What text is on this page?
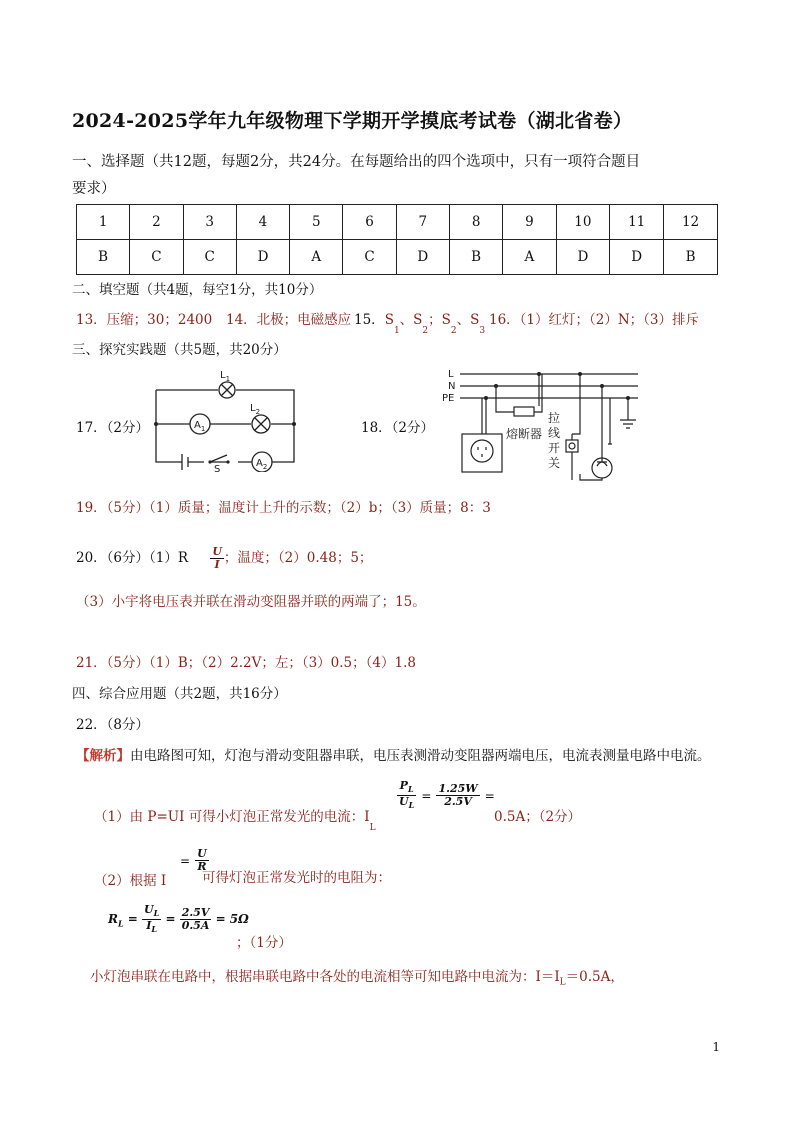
2024-2025学年九年级物理下学期开学摸底考试卷（湖北省卷）
一、选择题（共12题，每题2分，共24分。在每题给出的四个选项中，只有一项符合题目
要求）
1	2	3	4	5	6	7	8	9	10	11	12
B	C	C	D	A	C	D	B	A	D	D	B
二、填空题（共4题，每空1分，共10分）
13．压缩；30；2400 14．北极；电磁感应 15．$S_1$、$S_2$；$S_2$、$S_3$
16．（1）红灯；（2）N；（3）排斥
三、探究实践题（共5题，共20分）
17．（2分）
$L_1$
$L_2$
$A_1$
$A_2$
S
18．（2分）
L
N
PE
熔断器
拉
线
开
关
19．（5分）（1）质量；温度计上升的示数；（2）b；（3）质量；8：3
20．（6分）$(1)R \frac{U}{I}$ ；温度；（2）0.48；5；
（3）小宇将电压表并联在滑动变阻器并联的两端了；15。
21．（5分）（1）B；（2）2.2V；左；（3）0.5；（4）1.8
四、综合应用题（共2题，共16分）
22．（8分）
【解析】由电路图可知，灯泡与滑动变阻器串联，电压表测滑动变阻器两端电压，电流表测量电路中电流。
（1）由 P=UI 可得小灯泡正常发光的电流：$I_L$
$\frac{P_L}{U_L} = \frac{1.25W}{2.5V}$ =
0.5A；（2分）
（2）根据 I
= $\frac{U}{R}$
可得灯泡正常发光时的电阻为：
$R_L = \frac{U_L}{I_L} = \frac{2.5V}{0.5A} = 5\Omega$
；（1分）
小灯泡串联在电路中，根据串联电路中各处的电流相等可知电路中电流为：$I=I_L=0.5A$，
1
